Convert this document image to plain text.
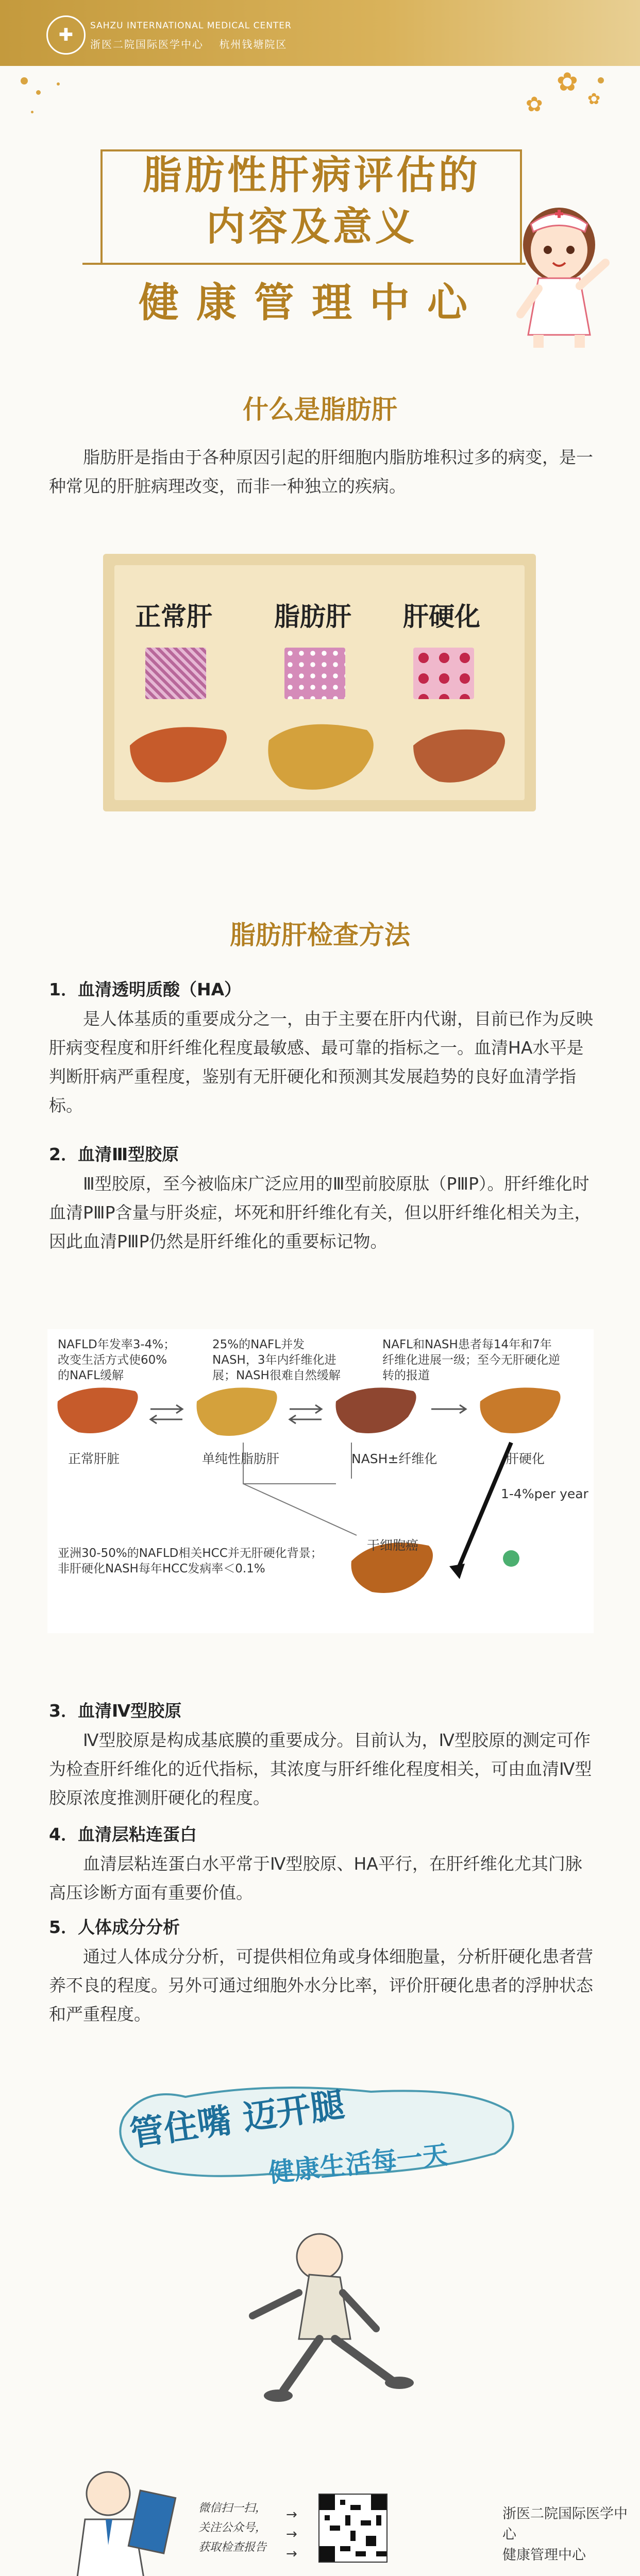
✚	SAHZU INTERNATIONAL MEDICAL CENTER
浙医二院国际医学中心 　杭州钱塘院区
✿
✿
✿
脂肪性肝病评估的
内容及意义
健康管理中心
什么是脂肪肝

脂肪肝是指由于各种原因引起的肝细胞内脂肪堆积过多的病变，是一种常见的肝脏病理改变，而非一种独立的疾病。

正常肝 脂肪肝 肝硬化
脂肪肝检查方法
1．血清透明质酸（HA）

是人体基质的重要成分之一，由于主要在肝内代谢，目前已作为反映肝病变程度和肝纤维化程度最敏感、最可靠的指标之一。血清HA水平是判断肝病严重程度，鉴别有无肝硬化和预测其发展趋势的良好血清学指标。

2．血清Ⅲ型胶原

Ⅲ型胶原，至今被临床广泛应用的Ⅲ型前胶原肽（PⅢP）。肝纤维化时血清PⅢP含量与肝炎症，坏死和肝纤维化有关，但以肝纤维化相关为主，因此血清PⅢP仍然是肝纤维化的重要标记物。

NAFLD年发率3-4%；改变生活方式使60%的NAFL缓解
25%的NAFL并发NASH，3年内纤维化进展；NASH很难自然缓解
NAFL和NASH患者每14年和7年纤维化进展一级；至今无肝硬化逆转的报道
正常肝脏	单纯性脂肪肝	NASH±纤维化	肝硬化
1-4%per year
干细胞癌
亚洲30-50%的NAFLD相关HCC并无肝硬化背景；非肝硬化NASH每年HCC发病率＜0.1%
3．血清Ⅳ型胶原

Ⅳ型胶原是构成基底膜的重要成分。目前认为，Ⅳ型胶原的测定可作为检查肝纤维化的近代指标，其浓度与肝纤维化程度相关，可由血清Ⅳ型胶原浓度推测肝硬化的程度。

4．血清层粘连蛋白

血清层粘连蛋白水平常于Ⅳ型胶原、HA平行，在肝纤维化尤其门脉高压诊断方面有重要价值。

5．人体成分分析

通过人体成分分析，可提供相位角或身体细胞量，分析肝硬化患者营养不良的程度。另外可通过细胞外水分比率，评价肝硬化患者的浮肿状态和严重程度。

管住嘴 迈开腿
健康生活每一天
微信扫一扫，
关注公众号，
获取检查报告
→
→
→
浙医二院国际医学中心
健康管理中心
